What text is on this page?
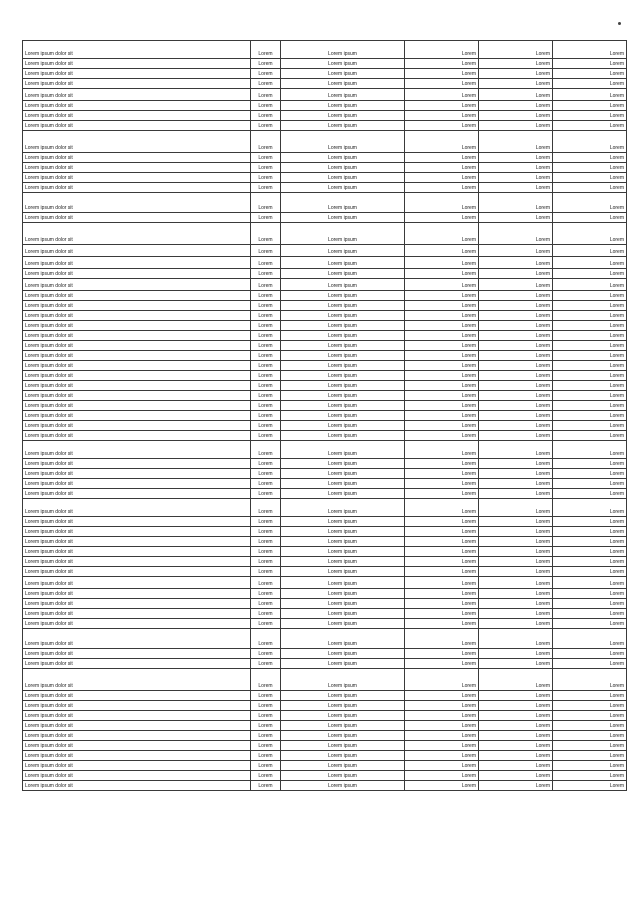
Lorem ipsum dolor sit	Lorem	Lorem ipsum	Lorem	Lorem	Lorem
Lorem ipsum dolor sit	Lorem	Lorem ipsum	Lorem	Lorem	Lorem
Lorem ipsum dolor sit	Lorem	Lorem ipsum	Lorem	Lorem	Lorem
Lorem ipsum dolor sit	Lorem	Lorem ipsum	Lorem	Lorem	Lorem
Lorem ipsum dolor sit	Lorem	Lorem ipsum	Lorem	Lorem	Lorem
Lorem ipsum dolor sit	Lorem	Lorem ipsum	Lorem	Lorem	Lorem
Lorem ipsum dolor sit	Lorem	Lorem ipsum	Lorem	Lorem	Lorem
Lorem ipsum dolor sit	Lorem	Lorem ipsum	Lorem	Lorem	Lorem
Lorem ipsum dolor sit	Lorem	Lorem ipsum	Lorem	Lorem	Lorem
Lorem ipsum dolor sit	Lorem	Lorem ipsum	Lorem	Lorem	Lorem
Lorem ipsum dolor sit	Lorem	Lorem ipsum	Lorem	Lorem	Lorem
Lorem ipsum dolor sit	Lorem	Lorem ipsum	Lorem	Lorem	Lorem
Lorem ipsum dolor sit	Lorem	Lorem ipsum	Lorem	Lorem	Lorem
Lorem ipsum dolor sit	Lorem	Lorem ipsum	Lorem	Lorem	Lorem
Lorem ipsum dolor sit	Lorem	Lorem ipsum	Lorem	Lorem	Lorem
Lorem ipsum dolor sit	Lorem	Lorem ipsum	Lorem	Lorem	Lorem
Lorem ipsum dolor sit	Lorem	Lorem ipsum	Lorem	Lorem	Lorem
Lorem ipsum dolor sit	Lorem	Lorem ipsum	Lorem	Lorem	Lorem
Lorem ipsum dolor sit	Lorem	Lorem ipsum	Lorem	Lorem	Lorem
Lorem ipsum dolor sit	Lorem	Lorem ipsum	Lorem	Lorem	Lorem
Lorem ipsum dolor sit	Lorem	Lorem ipsum	Lorem	Lorem	Lorem
Lorem ipsum dolor sit	Lorem	Lorem ipsum	Lorem	Lorem	Lorem
Lorem ipsum dolor sit	Lorem	Lorem ipsum	Lorem	Lorem	Lorem
Lorem ipsum dolor sit	Lorem	Lorem ipsum	Lorem	Lorem	Lorem
Lorem ipsum dolor sit	Lorem	Lorem ipsum	Lorem	Lorem	Lorem
Lorem ipsum dolor sit	Lorem	Lorem ipsum	Lorem	Lorem	Lorem
Lorem ipsum dolor sit	Lorem	Lorem ipsum	Lorem	Lorem	Lorem
Lorem ipsum dolor sit	Lorem	Lorem ipsum	Lorem	Lorem	Lorem
Lorem ipsum dolor sit	Lorem	Lorem ipsum	Lorem	Lorem	Lorem
Lorem ipsum dolor sit	Lorem	Lorem ipsum	Lorem	Lorem	Lorem
Lorem ipsum dolor sit	Lorem	Lorem ipsum	Lorem	Lorem	Lorem
Lorem ipsum dolor sit	Lorem	Lorem ipsum	Lorem	Lorem	Lorem
Lorem ipsum dolor sit	Lorem	Lorem ipsum	Lorem	Lorem	Lorem
Lorem ipsum dolor sit	Lorem	Lorem ipsum	Lorem	Lorem	Lorem
Lorem ipsum dolor sit	Lorem	Lorem ipsum	Lorem	Lorem	Lorem
Lorem ipsum dolor sit	Lorem	Lorem ipsum	Lorem	Lorem	Lorem
Lorem ipsum dolor sit	Lorem	Lorem ipsum	Lorem	Lorem	Lorem
Lorem ipsum dolor sit	Lorem	Lorem ipsum	Lorem	Lorem	Lorem
Lorem ipsum dolor sit	Lorem	Lorem ipsum	Lorem	Lorem	Lorem
Lorem ipsum dolor sit	Lorem	Lorem ipsum	Lorem	Lorem	Lorem
Lorem ipsum dolor sit	Lorem	Lorem ipsum	Lorem	Lorem	Lorem
Lorem ipsum dolor sit	Lorem	Lorem ipsum	Lorem	Lorem	Lorem
Lorem ipsum dolor sit	Lorem	Lorem ipsum	Lorem	Lorem	Lorem
Lorem ipsum dolor sit	Lorem	Lorem ipsum	Lorem	Lorem	Lorem
Lorem ipsum dolor sit	Lorem	Lorem ipsum	Lorem	Lorem	Lorem
Lorem ipsum dolor sit	Lorem	Lorem ipsum	Lorem	Lorem	Lorem
Lorem ipsum dolor sit	Lorem	Lorem ipsum	Lorem	Lorem	Lorem
Lorem ipsum dolor sit	Lorem	Lorem ipsum	Lorem	Lorem	Lorem
Lorem ipsum dolor sit	Lorem	Lorem ipsum	Lorem	Lorem	Lorem
Lorem ipsum dolor sit	Lorem	Lorem ipsum	Lorem	Lorem	Lorem
Lorem ipsum dolor sit	Lorem	Lorem ipsum	Lorem	Lorem	Lorem
Lorem ipsum dolor sit	Lorem	Lorem ipsum	Lorem	Lorem	Lorem
Lorem ipsum dolor sit	Lorem	Lorem ipsum	Lorem	Lorem	Lorem
Lorem ipsum dolor sit	Lorem	Lorem ipsum	Lorem	Lorem	Lorem
Lorem ipsum dolor sit	Lorem	Lorem ipsum	Lorem	Lorem	Lorem
Lorem ipsum dolor sit	Lorem	Lorem ipsum	Lorem	Lorem	Lorem
Lorem ipsum dolor sit	Lorem	Lorem ipsum	Lorem	Lorem	Lorem
Lorem ipsum dolor sit	Lorem	Lorem ipsum	Lorem	Lorem	Lorem
Lorem ipsum dolor sit	Lorem	Lorem ipsum	Lorem	Lorem	Lorem
Lorem ipsum dolor sit	Lorem	Lorem ipsum	Lorem	Lorem	Lorem
Lorem ipsum dolor sit	Lorem	Lorem ipsum	Lorem	Lorem	Lorem
Lorem ipsum dolor sit	Lorem	Lorem ipsum	Lorem	Lorem	Lorem
Lorem ipsum dolor sit	Lorem	Lorem ipsum	Lorem	Lorem	Lorem
Lorem ipsum dolor sit	Lorem	Lorem ipsum	Lorem	Lorem	Lorem
Lorem ipsum dolor sit	Lorem	Lorem ipsum	Lorem	Lorem	Lorem
Lorem ipsum dolor sit	Lorem	Lorem ipsum	Lorem	Lorem	Lorem
